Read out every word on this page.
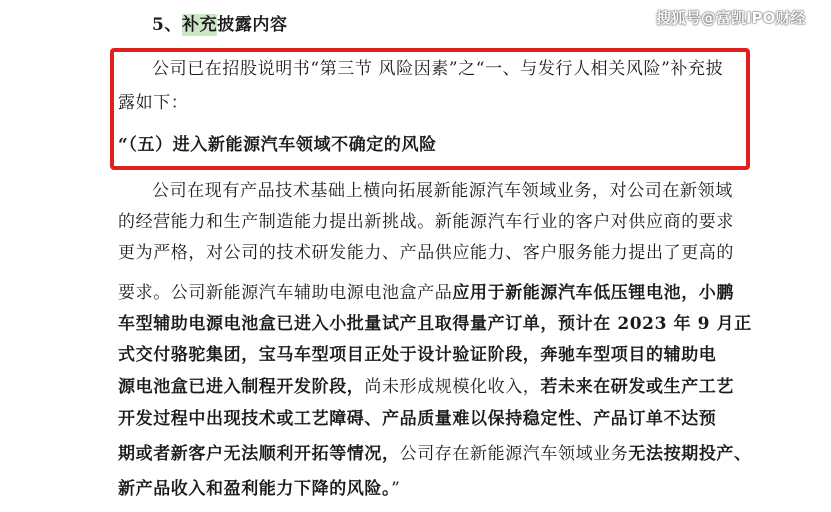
搜狐号@富凯IPO财经
5、补充披露内容
公司已在招股说明书“第三节 风险因素”之“一、与发行人相关风险”补充披
露如下：
“（五）进入新能源汽车领域不确定的风险
公司在现有产品技术基础上横向拓展新能源汽车领域业务，对公司在新领域
的经营能力和生产制造能力提出新挑战。新能源汽车行业的客户对供应商的要求
更为严格，对公司的技术研发能力、产品供应能力、客户服务能力提出了更高的
要求。公司新能源汽车辅助电源电池盒产品应用于新能源汽车低压锂电池，小鹏
车型辅助电源电池盒已进入小批量试产且取得量产订单，预计在 2023 年 9 月正
式交付骆驼集团，宝马车型项目正处于设计验证阶段，奔驰车型项目的辅助电
源电池盒已进入制程开发阶段，尚未形成规模化收入，若未来在研发或生产工艺
开发过程中出现技术或工艺障碍、产品质量难以保持稳定性、产品订单不达预
期或者新客户无法顺利开拓等情况，公司存在新能源汽车领域业务无法按期投产、
新产品收入和盈利能力下降的风险。”
